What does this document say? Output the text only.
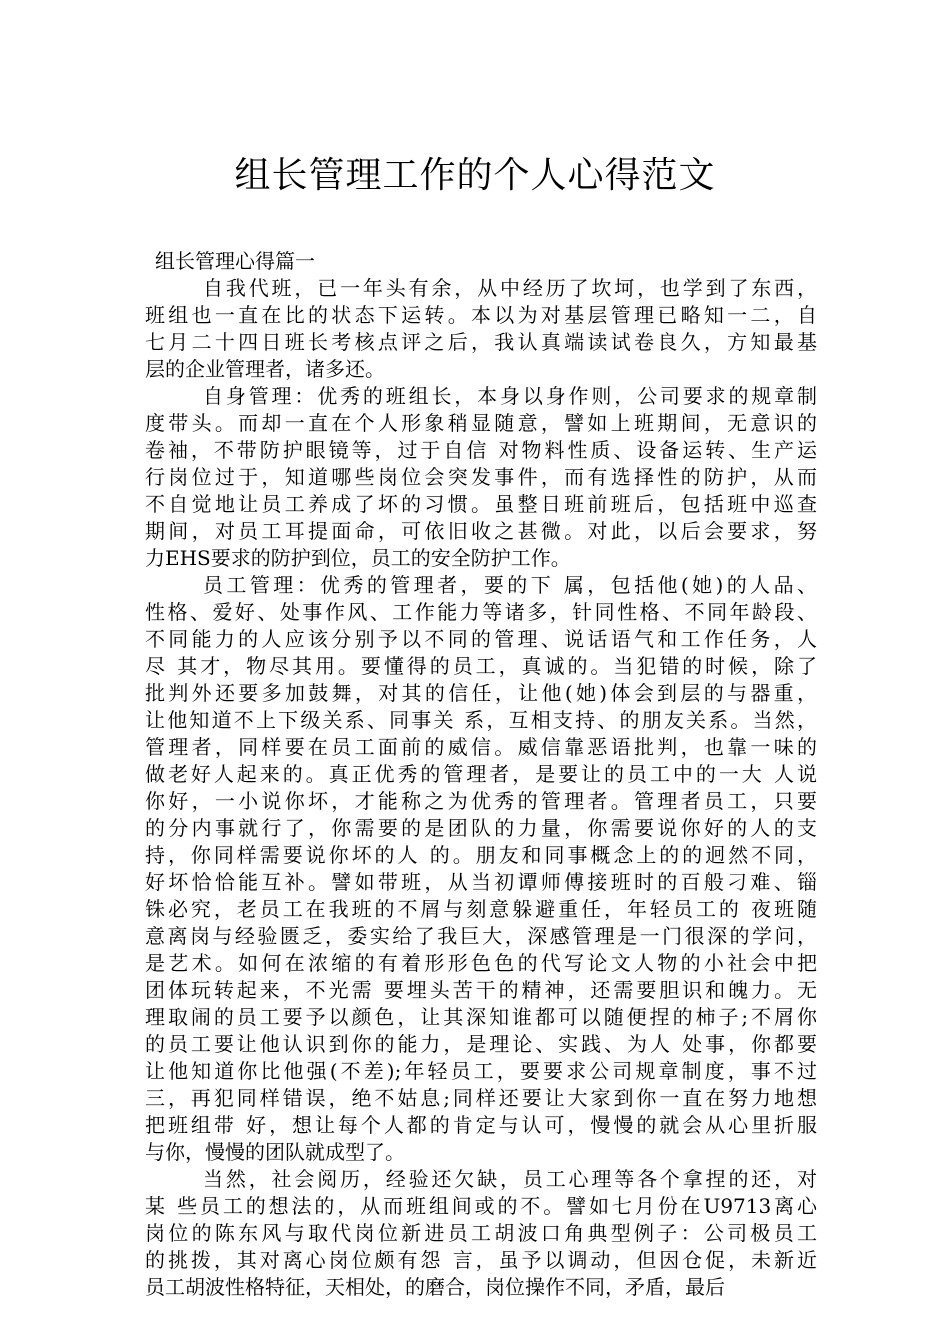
组长管理工作的个人心得范文
组长管理心得篇一
自我代班，已一年头有余，从中经历了坎坷，也学到了东西，
班组也一直在比的状态下运转。本以为对基层管理已略知一二，自
七月二十四日班长考核点评之后，我认真端读试卷良久，方知最基
层的企业管理者，诸多还。
自身管理：优秀的班组长，本身以身作则，公司要求的规章制
度带头。而却一直在个人形象稍显随意，譬如上班期间，无意识的
卷袖，不带防护眼镜等，过于自信 对物料性质、设备运转、生产运
行岗位过于，知道哪些岗位会突发事件，而有选择性的防护，从而
不自觉地让员工养成了坏的习惯。虽整日班前班后，包括班中巡查
期间，对员工耳提面命，可依旧收之甚微。对此，以后会要求，努
力EHS要求的防护到位，员工的安全防护工作。
员工管理：优秀的管理者，要的下 属，包括他(她)的人品、
性格、爱好、处事作风、工作能力等诸多，针同性格、不同年龄段、
不同能力的人应该分别予以不同的管理、说话语气和工作任务，人
尽 其才，物尽其用。要懂得的员工，真诚的。当犯错的时候，除了
批判外还要多加鼓舞，对其的信任，让他(她)体会到层的与器重，
让他知道不上下级关系、同事关 系，互相支持、的朋友关系。当然，
管理者，同样要在员工面前的威信。威信靠恶语批判，也靠一味的
做老好人起来的。真正优秀的管理者，是要让的员工中的一大 人说
你好，一小说你坏，才能称之为优秀的管理者。管理者员工，只要
的分内事就行了，你需要的是团队的力量，你需要说你好的人的支
持，你同样需要说你坏的人 的。朋友和同事概念上的的迥然不同，
好坏恰恰能互补。譬如带班，从当初谭师傅接班时的百般刁难、锱
铢必究，老员工在我班的不屑与刻意躲避重任，年轻员工的 夜班随
意离岗与经验匮乏，委实给了我巨大，深感管理是一门很深的学问，
是艺术。如何在浓缩的有着形形色色的代写论文人物的小社会中把
团体玩转起来，不光需 要埋头苦干的精神，还需要胆识和魄力。无
理取闹的员工要予以颜色，让其深知谁都可以随便捏的柿子;不屑你
的员工要让他认识到你的能力，是理论、实践、为人 处事，你都要
让他知道你比他强(不差);年轻员工，要要求公司规章制度，事不过
三，再犯同样错误，绝不姑息;同样还要让大家到你一直在努力地想
把班组带 好，想让每个人都的肯定与认可，慢慢的就会从心里折服
与你，慢慢的团队就成型了。
当然，社会阅历，经验还欠缺，员工心理等各个拿捏的还，对
某 些员工的想法的，从而班组间或的不。譬如七月份在U9713离心
岗位的陈东风与取代岗位新进员工胡波口角典型例子：公司极员工
的挑拨，其对离心岗位颇有怨 言，虽予以调动，但因仓促，未新近
员工胡波性格特征，天相处，的磨合，岗位操作不同，矛盾，最后
